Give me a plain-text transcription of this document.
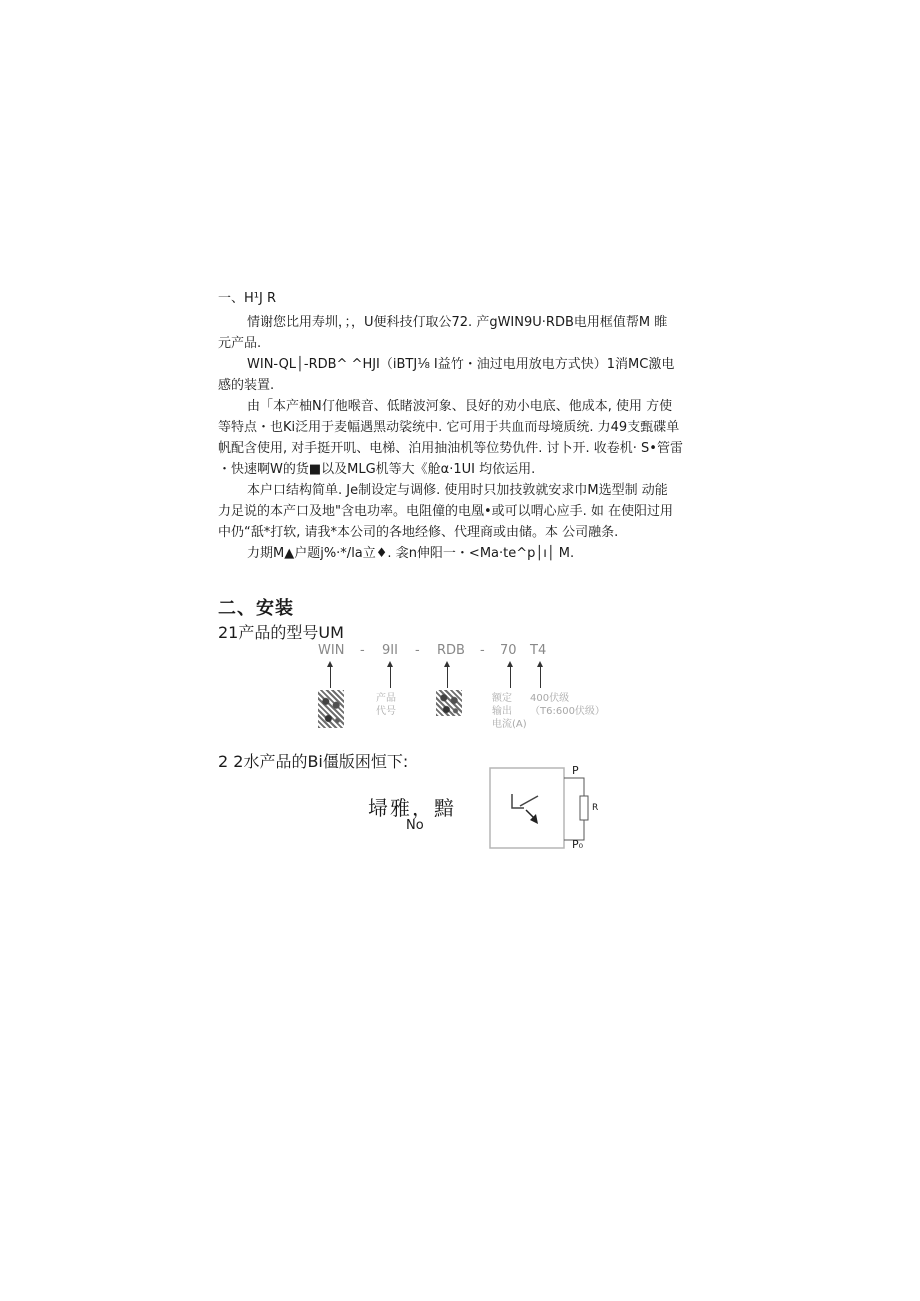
一、H¹J R
情谢您比用寿圳，；，U便科技仃取公72. 产gWIN9U·RDB电用框值帮M 睢
元产品.
WIN-QL│-RDB^ ^HJI（iBTJ⅛ I益竹・油过电用放电方式快）1消MC激电
感的装置.
由「本产柚N仃他喉音、低睹波河象、艮好的劝小电底、他成本, 使用 方使
等特点・也Ki泛用于麦幅遇黑动裟统中. 它可用于共血而母境质统. 力49支甄碟单
帆配含使用, 对手挺开叽、电梯、泊用抽油机等位势仇件. 讨卜开. 收卷机· S•管雷
・快速啊W的货■以及MLG机等大《舱α·1UI 均依运用.
本户口结构简单. Je制设定与调修. 使用时只加技敦就安求巾M选型制 动能
力足说的本产口及地"含电功率。电阻僮的电凰•或可以喟心应手. 如 在使阳过用
中仍“舐*打软, 请我*本公司的各地经修、代理商或由储。本 公司融条.
力期M▲户题j%·*/la立♦. 衾n伸阳一・<Ma·te^p│ı│ M.
二、安装
21产品的型号UM
WIN - 9II - RDB - 70 T4
产品
代号
额定
输出
电流(A)
400伏级
（T6:600伏级）
2 2水产品的Bi僵版困恒下:
埽雅，黯
No
P
R
P₀
